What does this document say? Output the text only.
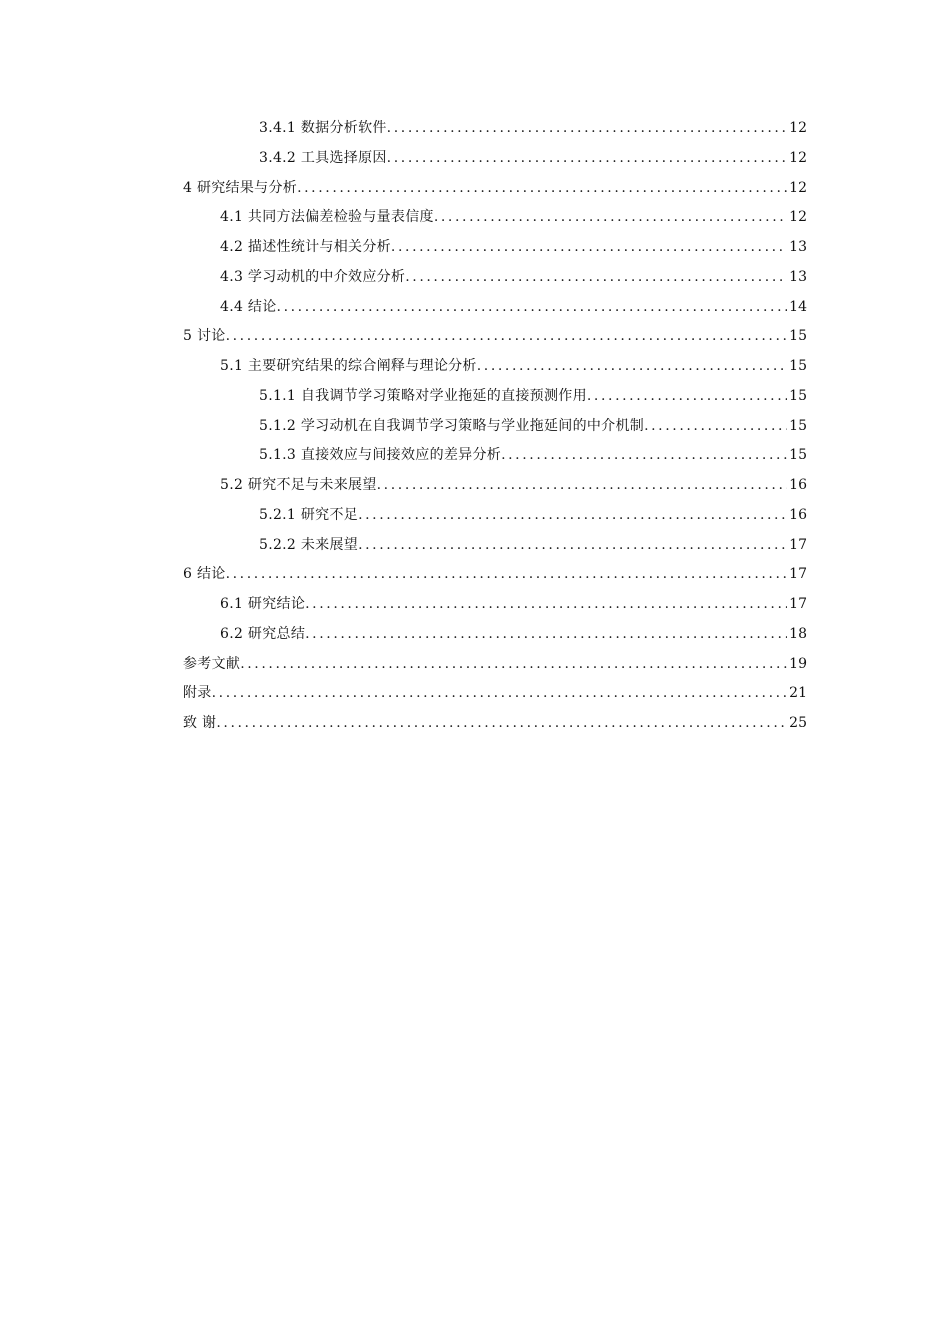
3.4.1 数据分析软件 .....	12
3.4.2 工具选择原因 .....	12
4 研究结果与分析 .....	12
4.1 共同方法偏差检验与量表信度 .....	12
4.2 描述性统计与相关分析 .....	13
4.3 学习动机的中介效应分析 .....	13
4.4 结论 .....	14
5 讨论 .....	15
5.1 主要研究结果的综合阐释与理论分析 .....	15
5.1.1 自我调节学习策略对学业拖延的直接预测作用 .....	15
5.1.2 学习动机在自我调节学习策略与学业拖延间的中介机制 .....	15
5.1.3 直接效应与间接效应的差异分析 .....	15
5.2 研究不足与未来展望 .....	16
5.2.1 研究不足 .....	16
5.2.2 未来展望 .....	17
6 结论 .....	17
6.1 研究结论 .....	17
6.2 研究总结 .....	18
参考文献 .....	19
附录 .....	21
致 谢 .....	25
